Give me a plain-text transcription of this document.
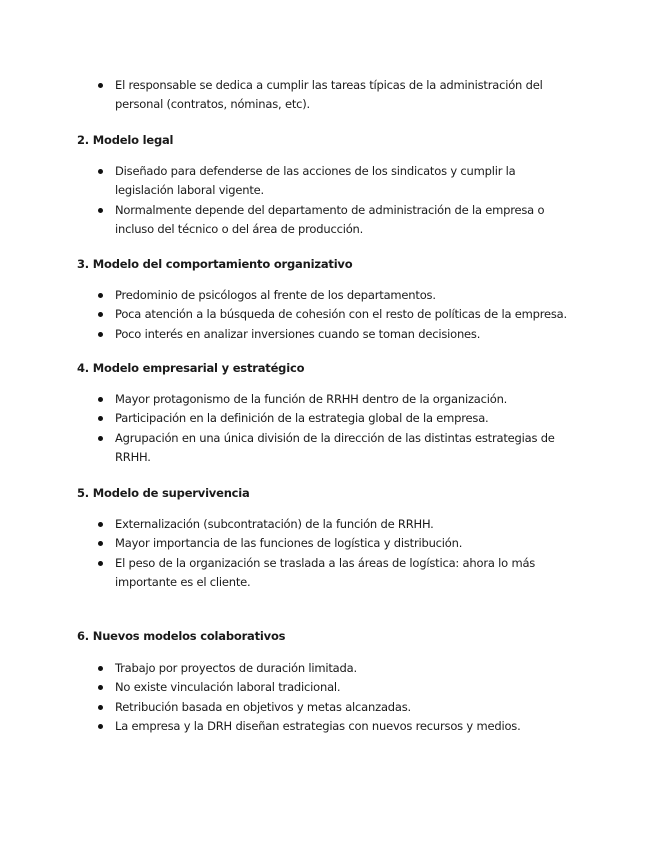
El responsable se dedica a cumplir las tareas típicas de la administración del personal (contratos, nóminas, etc).
2. Modelo legal
Diseñado para defenderse de las acciones de los sindicatos y cumplir la legislación laboral vigente.
Normalmente depende del departamento de administración de la empresa o incluso del técnico o del área de producción.
3. Modelo del comportamiento organizativo
Predominio de psicólogos al frente de los departamentos.
Poca atención a la búsqueda de cohesión con el resto de políticas de la empresa.
Poco interés en analizar inversiones cuando se toman decisiones.
4. Modelo empresarial y estratégico
Mayor protagonismo de la función de RRHH dentro de la organización.
Participación en la definición de la estrategia global de la empresa.
Agrupación en una única división de la dirección de las distintas estrategias de RRHH.
5. Modelo de supervivencia
Externalización (subcontratación) de la función de RRHH.
Mayor importancia de las funciones de logística y distribución.
El peso de la organización se traslada a las áreas de logística: ahora lo más importante es el cliente.
6. Nuevos modelos colaborativos
Trabajo por proyectos de duración limitada.
No existe vinculación laboral tradicional.
Retribución basada en objetivos y metas alcanzadas.
La empresa y la DRH diseñan estrategias con nuevos recursos y medios.
